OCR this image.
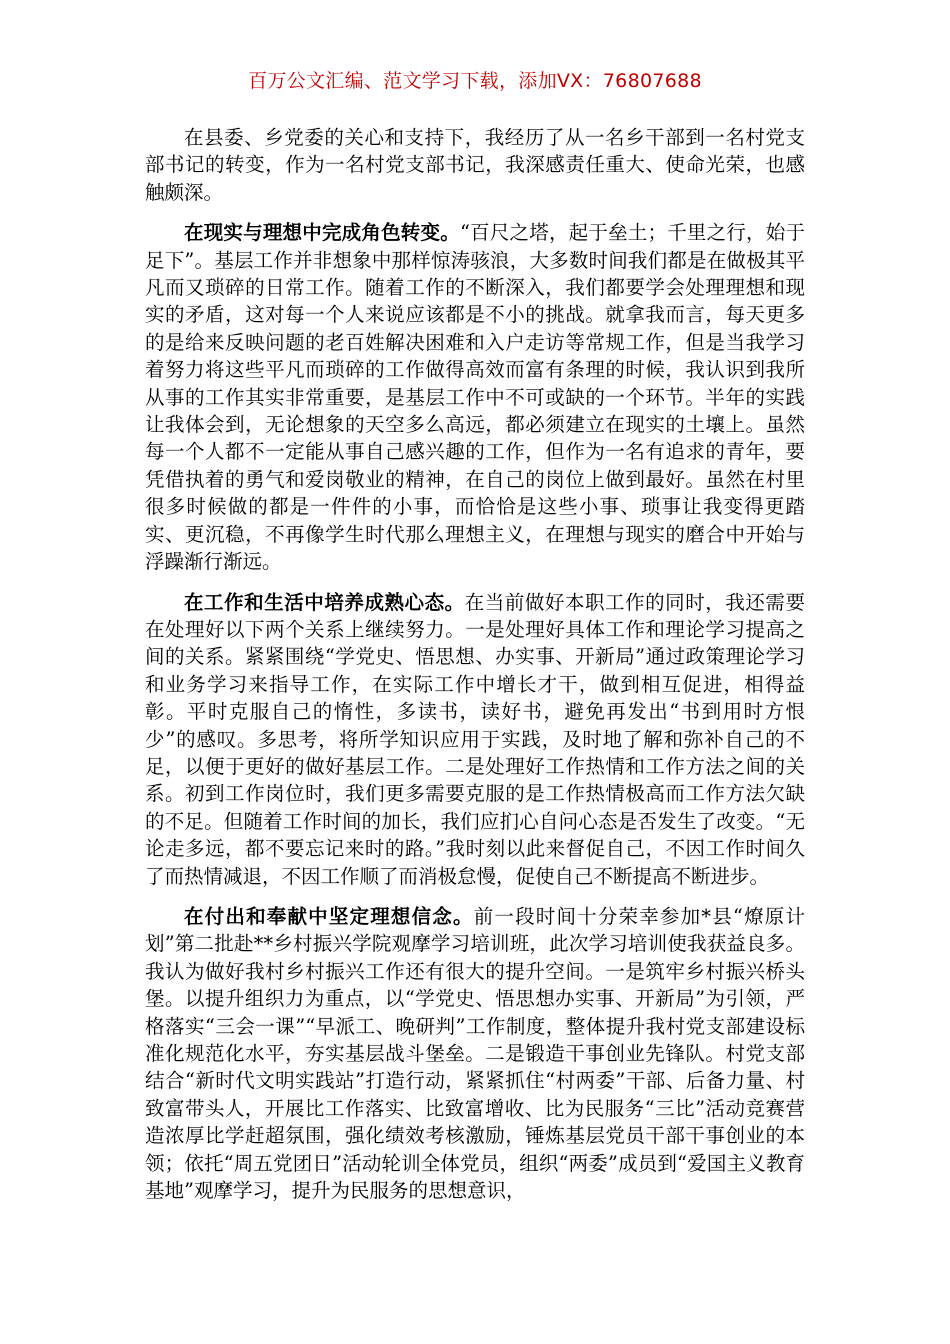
百万公文汇编、范文学习下载，添加VX：76807688

在县委、乡党委的关心和支持下，我经历了从一名乡干部到一名村党支部书记的转变，作为一名村党支部书记，我深感责任重大、使命光荣，也感触颇深。

在现实与理想中完成角色转变。“百尺之塔，起于垒土；千里之行，始于足下”。基层工作并非想象中那样惊涛骇浪，大多数时间我们都是在做极其平凡而又琐碎的日常工作。随着工作的不断深入，我们都要学会处理理想和现实的矛盾，这对每一个人来说应该都是不小的挑战。就拿我而言，每天更多的是给来反映问题的老百姓解决困难和入户走访等常规工作，但是当我学习着努力将这些平凡而琐碎的工作做得高效而富有条理的时候，我认识到我所从事的工作其实非常重要，是基层工作中不可或缺的一个环节。半年的实践让我体会到，无论想象的天空多么高远，都必须建立在现实的土壤上。虽然每一个人都不一定能从事自己感兴趣的工作，但作为一名有追求的青年，要凭借执着的勇气和爱岗敬业的精神，在自己的岗位上做到最好。虽然在村里很多时候做的都是一件件的小事，而恰恰是这些小事、琐事让我变得更踏实、更沉稳，不再像学生时代那么理想主义，在理想与现实的磨合中开始与浮躁渐行渐远。

在工作和生活中培养成熟心态。在当前做好本职工作的同时，我还需要在处理好以下两个关系上继续努力。一是处理好具体工作和理论学习提高之间的关系。紧紧围绕“学党史、悟思想、办实事、开新局”通过政策理论学习和业务学习来指导工作，在实际工作中增长才干，做到相互促进，相得益彰。平时克服自己的惰性，多读书，读好书，避免再发出“书到用时方恨少”的感叹。多思考，将所学知识应用于实践，及时地了解和弥补自己的不足，以便于更好的做好基层工作。二是处理好工作热情和工作方法之间的关系。初到工作岗位时，我们更多需要克服的是工作热情极高而工作方法欠缺的不足。但随着工作时间的加长，我们应扪心自问心态是否发生了改变。“无论走多远，都不要忘记来时的路。”我时刻以此来督促自己，不因工作时间久了而热情减退，不因工作顺了而消极怠慢，促使自己不断提高不断进步。

在付出和奉献中坚定理想信念。前一段时间十分荣幸参加*县“燎原计划”第二批赴**乡村振兴学院观摩学习培训班，此次学习培训使我获益良多。我认为做好我村乡村振兴工作还有很大的提升空间。一是筑牢乡村振兴桥头堡。以提升组织力为重点，以“学党史、悟思想办实事、开新局”为引领，严格落实“三会一课”“早派工、晚研判”工作制度，整体提升我村党支部建设标准化规范化水平，夯实基层战斗堡垒。二是锻造干事创业先锋队。村党支部结合“新时代文明实践站”打造行动，紧紧抓住“村两委”干部、后备力量、村致富带头人，开展比工作落实、比致富增收、比为民服务“三比”活动竞赛营造浓厚比学赶超氛围，强化绩效考核激励，锤炼基层党员干部干事创业的本领；依托“周五党团日”活动轮训全体党员，组织“两委”成员到“爱国主义教育基地”观摩学习，提升为民服务的思想意识，
